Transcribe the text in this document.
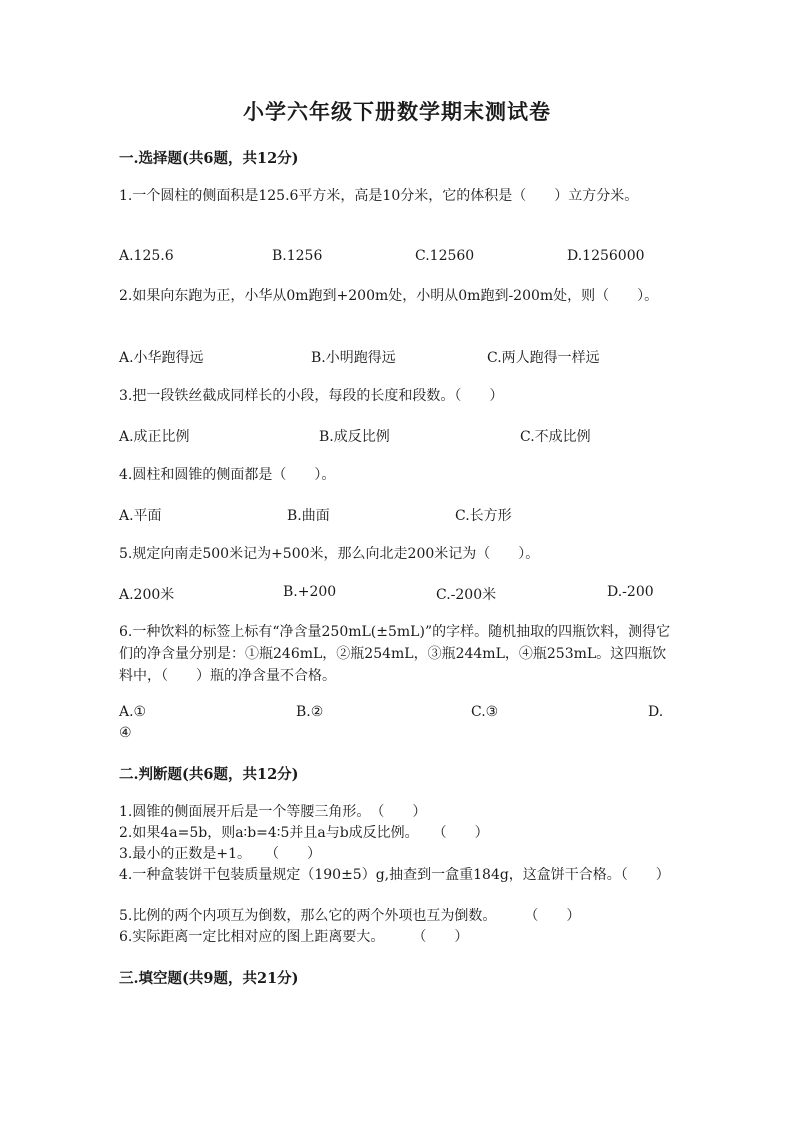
小学六年级下册数学期末测试卷
一.选择题(共6题，共12分)
1.一个圆柱的侧面积是125.6平方米，高是10分米，它的体积是（　　）立方分米。
A.125.6	B.1256	C.12560	D.1256000
2.如果向东跑为正，小华从0m跑到+200m处，小明从0m跑到-200m处，则（　　）。
A.小华跑得远	B.小明跑得远	C.两人跑得一样远
3.把一段铁丝截成同样长的小段，每段的长度和段数。（　　）
A.成正比例	B.成反比例	C.不成比例
4.圆柱和圆锥的侧面都是（　　）。
A.平面	B.曲面	C.长方形
5.规定向南走500米记为+500米，那么向北走200米记为（　　）。
A.200米	B.+200	C.-200米	D.-200
6.一种饮料的标签上标有“净含量250mL(±5mL)”的字样。随机抽取的四瓶饮料，测得它们的净含量分别是：①瓶246mL，②瓶254mL，③瓶244mL，④瓶253mL。这四瓶饮料中，（　　）瓶的净含量不合格。
A.①	B.②	C.③	D.
④
二.判断题(共6题，共12分)
1.圆锥的侧面展开后是一个等腰三角形。　（　　）
2.如果4a=5b，则a∶b=4∶5并且a与b成反比例。　　（　　）
3.最小的正数是+1。　　（　　）
4.一种盒装饼干包装质量规定（190±5）g,抽查到一盒重184g，这盒饼干合格。（　　）
5.比例的两个内项互为倒数，那么它的两个外项也互为倒数。　　　（　　）
6.实际距离一定比相对应的图上距离要大。　　　（　　）
三.填空题(共9题，共21分)
